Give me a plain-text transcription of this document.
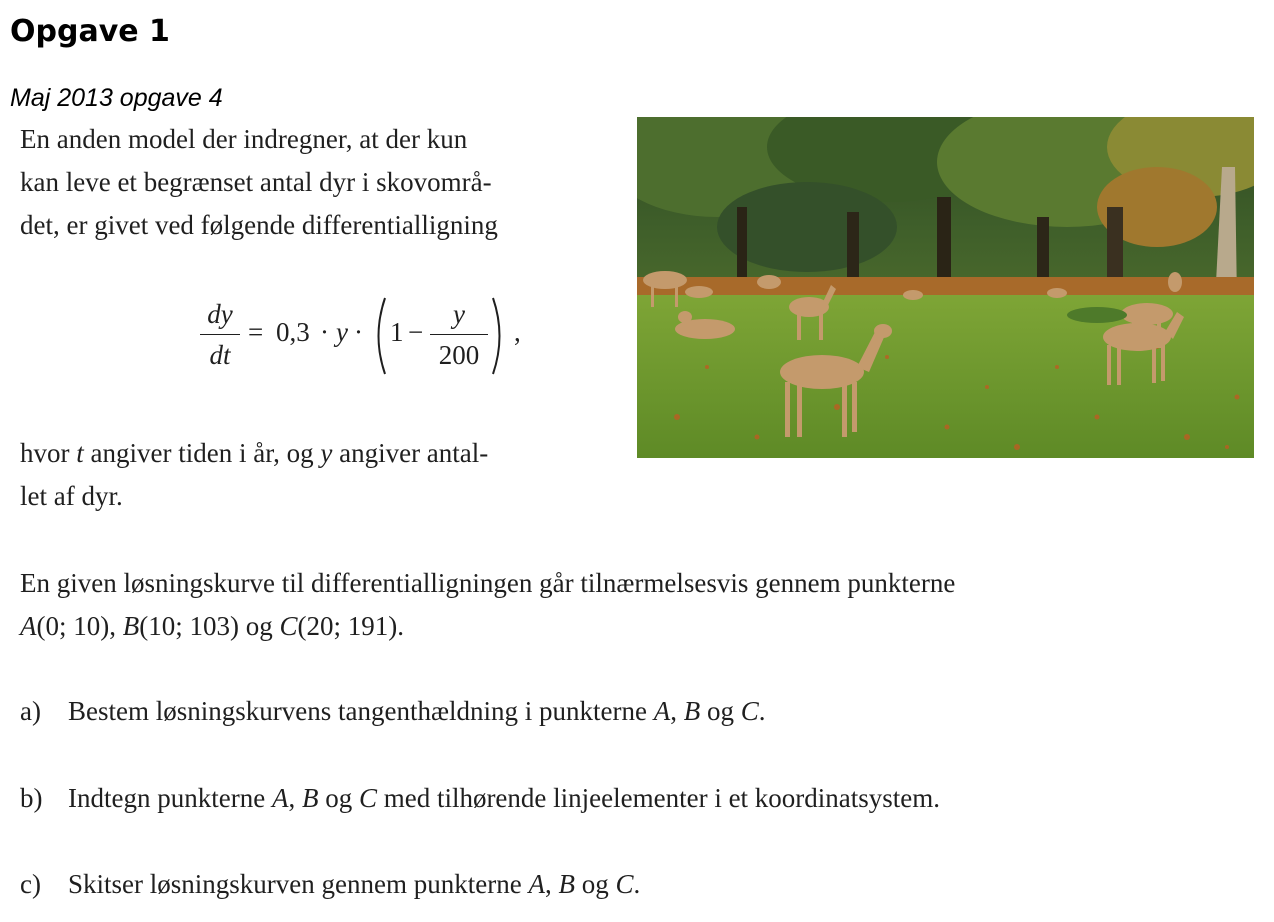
Opgave 1
Maj 2013 opgave 4
En anden model der indregner, at der kun
kan leve et begrænset antal dyr i skovområ-
det, er givet ved følgende differentialligning
dy
dt
= 0,3 · y · 1 −
y
200
,
hvor t angiver tiden i år, og y angiver antal-
let af dyr.
En given løsningskurve til differentialligningen går tilnærmelsesvis gennem punkterne
A(0; 10), B(10; 103) og C(20; 191).
a) Bestem løsningskurvens tangenthældning i punkterne A, B og C.
b) Indtegn punkterne A, B og C med tilhørende linjeelementer i et koordinatsystem.
c) Skitser løsningskurven gennem punkterne A, B og C.
